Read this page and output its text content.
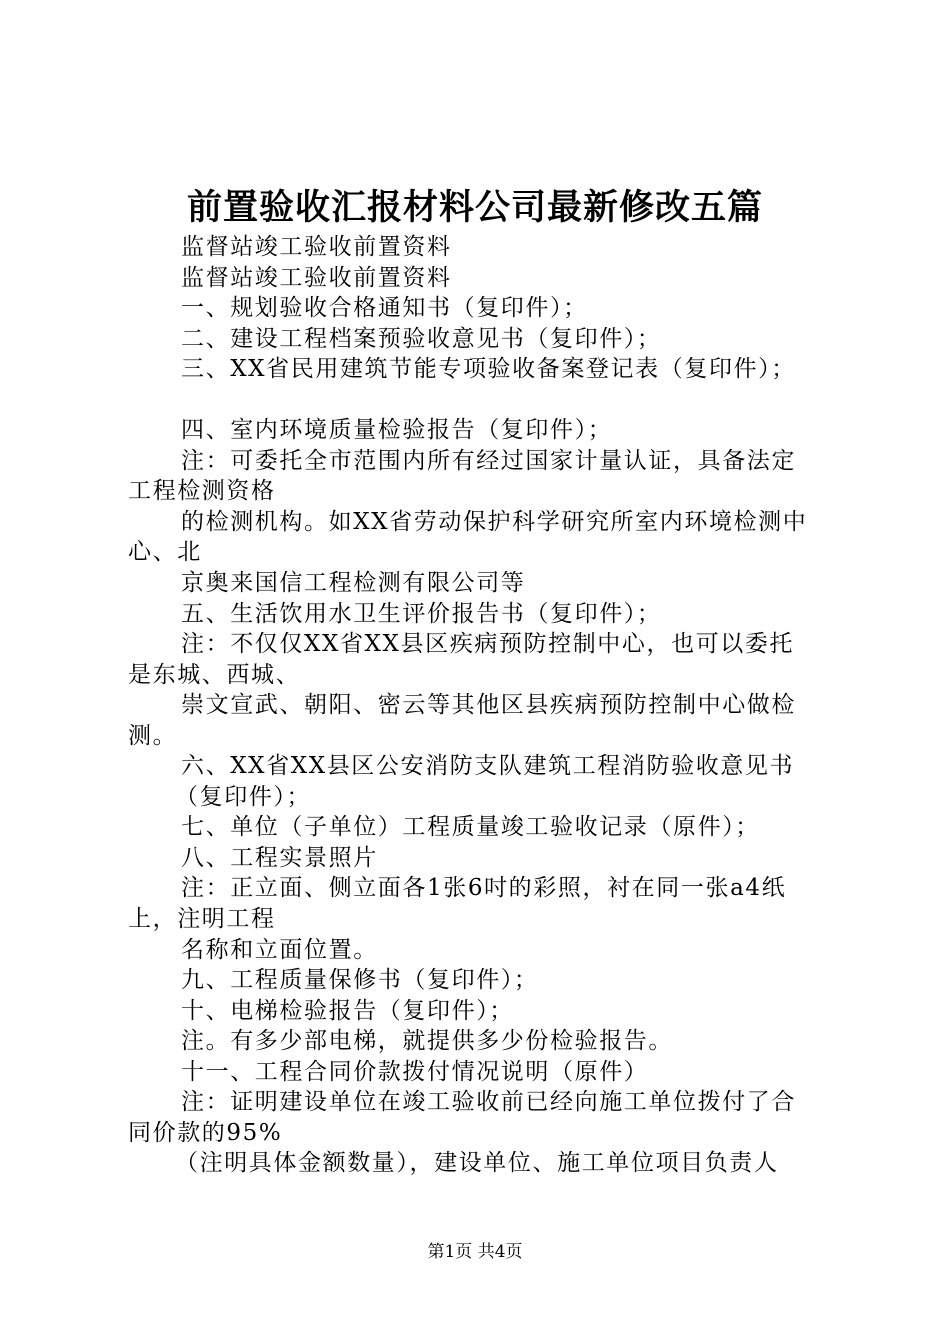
前置验收汇报材料公司最新修改五篇
监督站竣工验收前置资料
监督站竣工验收前置资料
一、规划验收合格通知书（复印件）；
二、建设工程档案预验收意见书（复印件）；
三、XX省民用建筑节能专项验收备案登记表（复印件）；
四、室内环境质量检验报告（复印件）；
注：可委托全市范围内所有经过国家计量认证，具备法定
工程检测资格
的检测机构。如XX省劳动保护科学研究所室内环境检测中
心、北
京奥来国信工程检测有限公司等
五、生活饮用水卫生评价报告书（复印件）；
注：不仅仅XX省XX县区疾病预防控制中心，也可以委托
是东城、西城、
崇文宣武、朝阳、密云等其他区县疾病预防控制中心做检
测。
六、XX省XX县区公安消防支队建筑工程消防验收意见书
（复印件）；
七、单位（子单位）工程质量竣工验收记录（原件）；
八、工程实景照片
注：正立面、侧立面各1张6吋的彩照，衬在同一张a4纸
上，注明工程
名称和立面位置。
九、工程质量保修书（复印件）；
十、电梯检验报告（复印件）；
注。有多少部电梯，就提供多少份检验报告。
十一、工程合同价款拨付情况说明（原件）
注：证明建设单位在竣工验收前已经向施工单位拨付了合
同价款的95%
（注明具体金额数量），建设单位、施工单位项目负责人
第1页 共4页
